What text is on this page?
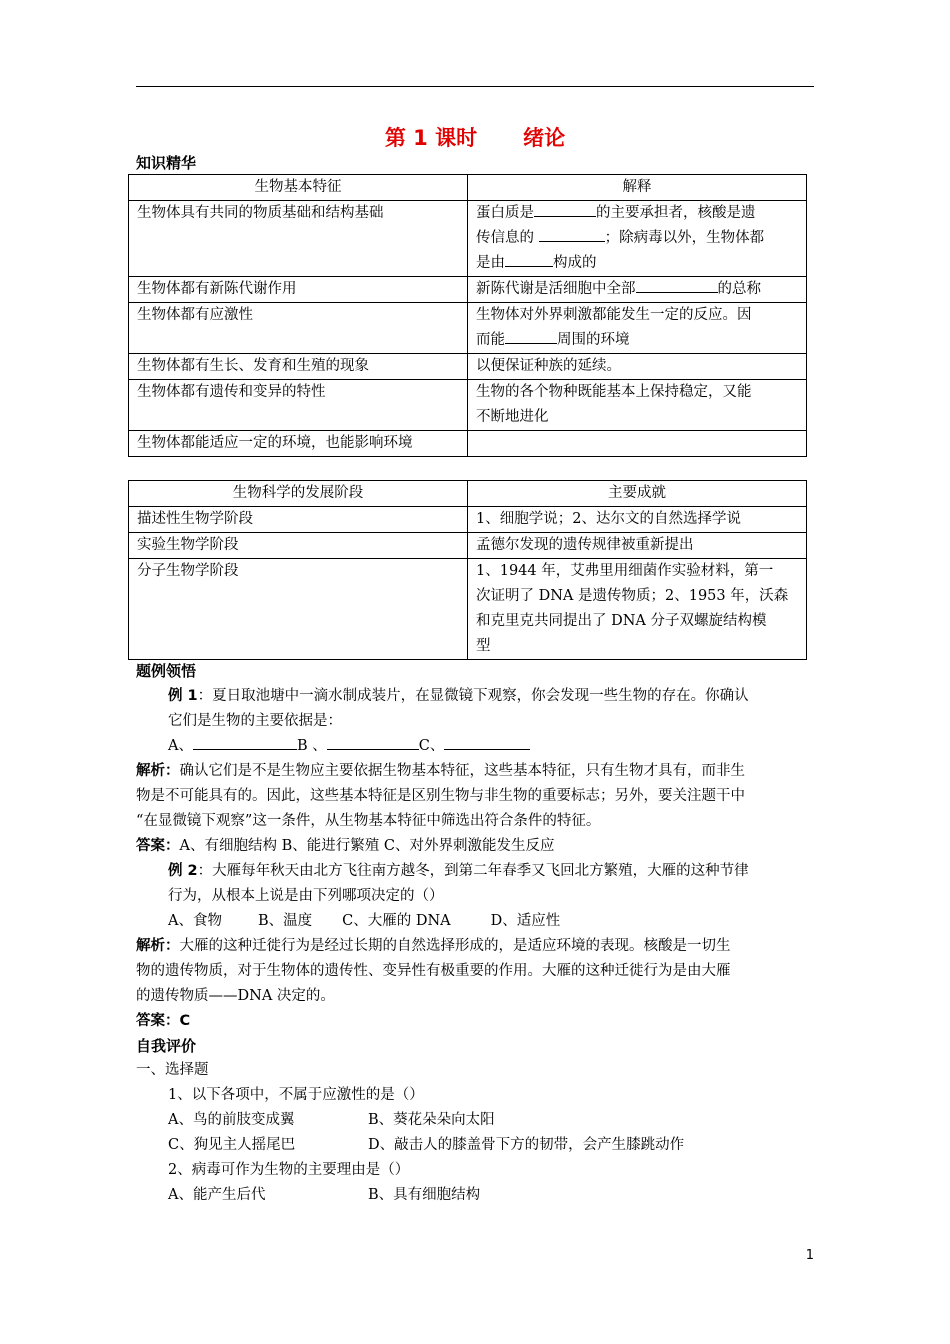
第 1 课时 绪论
知识精华
生物基本特征	解释
生物体具有共同的物质基础和结构基础	蛋白质是 的主要承担者，核酸是遗
传信息的 ；除病毒以外，生物体都
是由 构成的
生物体都有新陈代谢作用	新陈代谢是活细胞中全部 的总称
生物体都有应激性	生物体对外界刺激都能发生一定的反应。因
而能 周围的环境
生物体都有生长、发育和生殖的现象	以便保证种族的延续。
生物体都有遗传和变异的特性	生物的各个物种既能基本上保持稳定，又能
不断地进化
生物体都能适应一定的环境，也能影响环境	
生物科学的发展阶段	主要成就
描述性生物学阶段	1、细胞学说；2、达尔文的自然选择学说
实验生物学阶段	孟德尔发现的遗传规律被重新提出
分子生物学阶段	1、1944 年，艾弗里用细菌作实验材料，第一
次证明了 DNA 是遗传物质；2、1953 年，沃森
和克里克共同提出了 DNA 分子双螺旋结构模
型
题例领悟
例 1：夏日取池塘中一滴水制成装片，在显微镜下观察，你会发现一些生物的存在。你确认
它们是生物的主要依据是：
A、	B 、	C、
解析：确认它们是不是生物应主要依据生物基本特征，这些基本特征，只有生物才具有，而非生
物是不可能具有的。因此，这些基本特征是区别生物与非生物的重要标志；另外，要关注题干中
“在显微镜下观察”这一条件，从生物基本特征中筛选出符合条件的特征。
答案：A、有细胞结构 B、能进行繁殖 C、对外界刺激能发生反应
例 2：大雁每年秋天由北方飞往南方越冬，到第二年春季又飞回北方繁殖，大雁的这种节律
行为，从根本上说是由下列哪项决定的（）
A、食物 B、温度 C、大雁的 DNA	D、适应性
解析：大雁的这种迁徙行为是经过长期的自然选择形成的，是适应环境的表现。核酸是一切生
物的遗传物质，对于生物体的遗传性、变异性有极重要的作用。大雁的这种迁徙行为是由大雁
的遗传物质——DNA 决定的。
答案：C
自我评价
一、选择题
1、以下各项中，不属于应激性的是（）
A、鸟的前肢变成翼	B、葵花朵朵向太阳
C、狗见主人摇尾巴	D、敲击人的膝盖骨下方的韧带，会产生膝跳动作
2、病毒可作为生物的主要理由是（）
A、能产生后代	B、具有细胞结构
1
